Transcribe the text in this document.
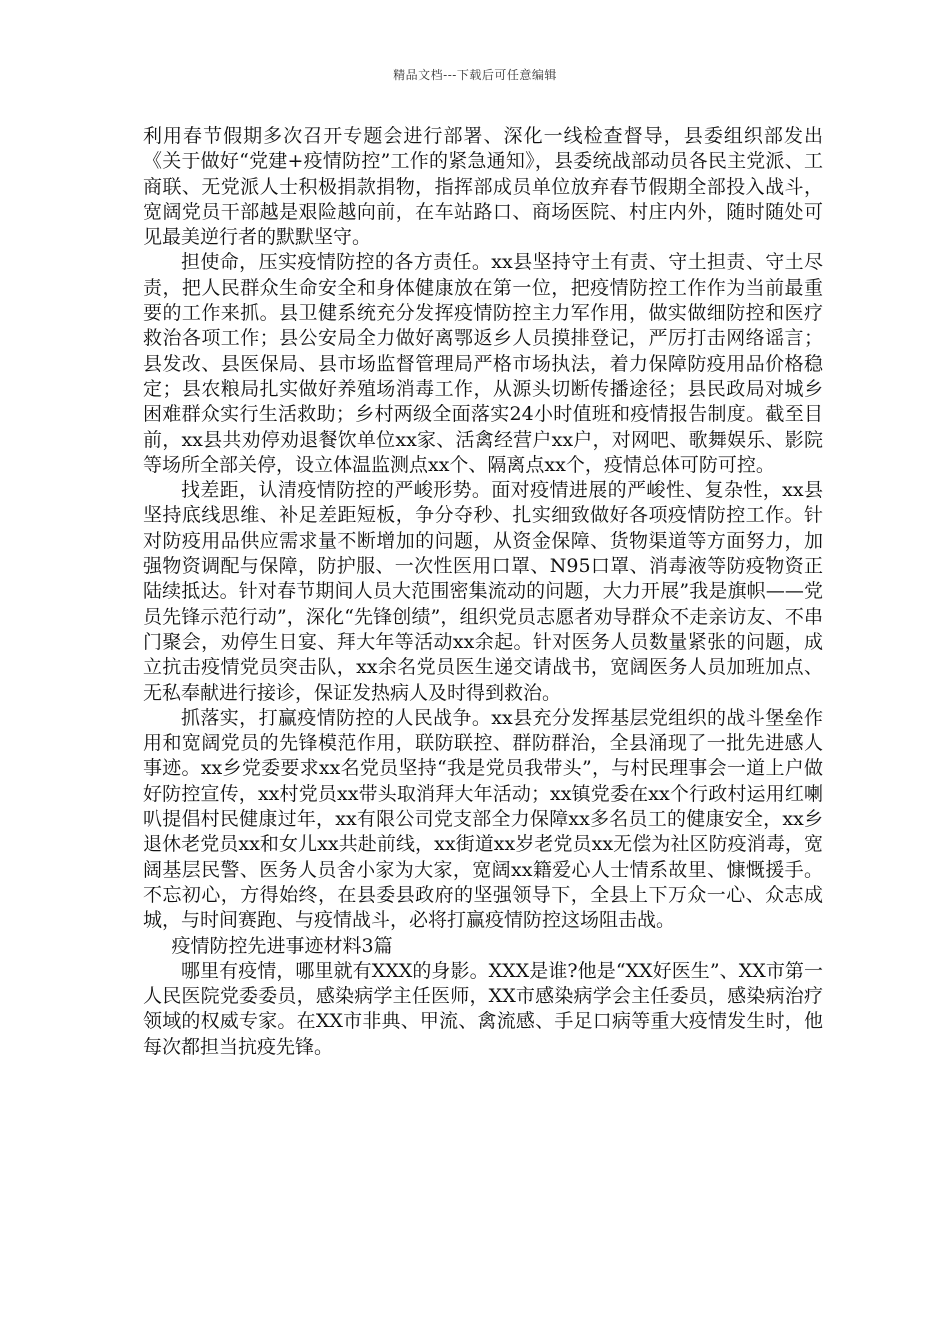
精品文档---下载后可任意编辑

利用春节假期多次召开专题会进行部署、深化一线检查督导，县委组织部发出《关于做好“党建+疫情防控”工作的紧急通知》，县委统战部动员各民主党派、工商联、无党派人士积极捐款捐物，指挥部成员单位放弃春节假期全部投入战斗，宽阔党员干部越是艰险越向前，在车站路口、商场医院、村庄内外，随时随处可见最美逆行者的默默坚守。

担使命，压实疫情防控的各方责任。xx县坚持守土有责、守土担责、守土尽责，把人民群众生命安全和身体健康放在第一位，把疫情防控工作作为当前最重要的工作来抓。县卫健系统充分发挥疫情防控主力军作用，做实做细防控和医疗救治各项工作；县公安局全力做好离鄂返乡人员摸排登记，严厉打击网络谣言；县发改、县医保局、县市场监督管理局严格市场执法，着力保障防疫用品价格稳定；县农粮局扎实做好养殖场消毒工作，从源头切断传播途径；县民政局对城乡困难群众实行生活救助；乡村两级全面落实24小时值班和疫情报告制度。截至目前，xx县共劝停劝退餐饮单位xx家、活禽经营户xx户，对网吧、歌舞娱乐、影院等场所全部关停，设立体温监测点xx个、隔离点xx个，疫情总体可防可控。

找差距，认清疫情防控的严峻形势。面对疫情进展的严峻性、复杂性，xx县坚持底线思维、补足差距短板，争分夺秒、扎实细致做好各项疫情防控工作。针对防疫用品供应需求量不断增加的问题，从资金保障、货物渠道等方面努力，加强物资调配与保障，防护服、一次性医用口罩、N95口罩、消毒液等防疫物资正陆续抵达。针对春节期间人员大范围密集流动的问题，大力开展”我是旗帜——党员先锋示范行动”，深化“先锋创绩”，组织党员志愿者劝导群众不走亲访友、不串门聚会，劝停生日宴、拜大年等活动xx余起。针对医务人员数量紧张的问题，成立抗击疫情党员突击队，xx余名党员医生递交请战书，宽阔医务人员加班加点、无私奉献进行接诊，保证发热病人及时得到救治。

抓落实，打赢疫情防控的人民战争。xx县充分发挥基层党组织的战斗堡垒作用和宽阔党员的先锋模范作用，联防联控、群防群治，全县涌现了一批先进感人事迹。xx乡党委要求xx名党员坚持“我是党员我带头”，与村民理事会一道上户做好防控宣传，xx村党员xx带头取消拜大年活动；xx镇党委在xx个行政村运用红喇叭提倡村民健康过年，xx有限公司党支部全力保障xx多名员工的健康安全，xx乡退休老党员xx和女儿xx共赴前线，xx街道xx岁老党员xx无偿为社区防疫消毒，宽阔基层民警、医务人员舍小家为大家，宽阔xx籍爱心人士情系故里、慷慨援手。不忘初心，方得始终，在县委县政府的坚强领导下，全县上下万众一心、众志成城，与时间赛跑、与疫情战斗，必将打赢疫情防控这场阻击战。

疫情防控先进事迹材料3篇

哪里有疫情，哪里就有XXX的身影。XXX是谁?他是“XX好医生”、XX市第一人民医院党委委员，感染病学主任医师，XX市感染病学会主任委员，感染病治疗领域的权威专家。在XX市非典、甲流、禽流感、手足口病等重大疫情发生时，他每次都担当抗疫先锋。
